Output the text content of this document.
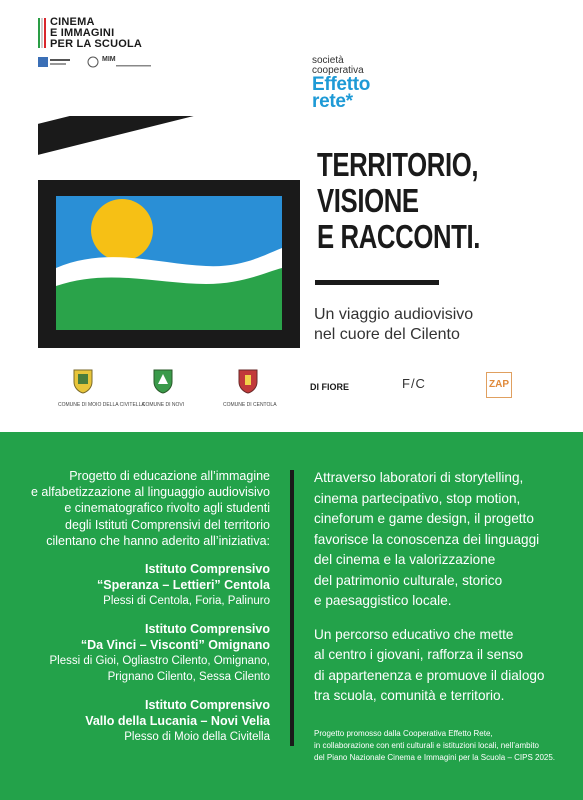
CINEMA
E IMMAGINI
PER LA SCUOLA
MIM	società
cooperativa
Effetto
rete*
TERRITORIO,
VISIONE
E RACCONTI.
Un viaggio audiovisivo
nel cuore del Cilento
COMUNE DI MOIO DELLA CIVITELLA
COMUNE DI NOVI	COMUNE DI CENTOLA
DI FIORE	F/C	ZAP

Progetto di educazione all’immagine

e alfabetizzazione al linguaggio audiovisivo

e cinematografico rivolto agli studenti

degli Istituti Comprensivi del territorio

cilentano che hanno aderito all’iniziativa:

Istituto Comprensivo
“Speranza – Lettieri” Centola
Plessi di Centola, Foria, Palinuro
Istituto Comprensivo
“Da Vinci – Visconti” Omignano
Plessi di Gioi, Ogliastro Cilento, Omignano,
Prignano Cilento, Sessa Cilento
Istituto Comprensivo
Vallo della Lucania – Novi Velia
Plesso di Moio della Civitella

Attraverso laboratori di storytelling,
cinema partecipativo, stop motion,
cineforum e game design, il progetto
favorisce la conoscenza dei linguaggi
del cinema e la valorizzazione
del patrimonio culturale, storico
e paesaggistico locale.

Un percorso educativo che mette
al centro i giovani, rafforza il senso
di appartenenza e promuove il dialogo
tra scuola, comunità e territorio.

Progetto promosso dalla Cooperativa Effetto Rete,
in collaborazione con enti culturali e istituzioni locali, nell’ambito
del Piano Nazionale Cinema e Immagini per la Scuola – CIPS 2025.
